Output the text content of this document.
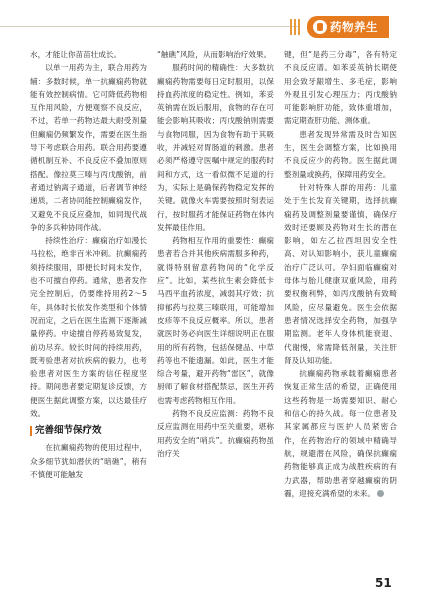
药物养生

水，才能让你苗苗壮成长。

以单一用药为主，联合用药为辅：多数时候，单一抗癫痫药物就能有效控制病情。它可降低药物相互作用风险，方便观察不良反应，不过，若单一药物达最大耐受剂量但癫痫仍频繁发作，需要在医生指导下考虑联合用药。联合用药要遵循机制互补、不良反应不叠加原则搭配。像拉莫三嗪与丙戊酸钠，前者通过钠离子通道，后者调节神经递质，二者协同能控制癫痫发作，又避免不良反应叠加，如同现代战争的多兵种协同作战。

持续性治疗：癫痫治疗如漫长马拉松，绝非百米冲刺。抗癫痫药须持续服用，即便长时间未发作，也不可擅自停药。通常，患者发作完全控制后，仍要维持用药2～5年，具体时长依发作类型和个体情况而定，之后在医生监测下逐渐减量停药。中途擅自停药易致复发，前功尽弃。较长时间的持续用药，既考验患者对抗疾病的毅力，也考验患者对医生方案的信任程度坚持。期间患者要定期复诊反馈，方便医生据此调整方案，以达最佳疗效。

完善细节保疗效

在抗癫痫药物的使用过程中，众多细节犹如潜伏的“暗礁”，稍有不慎便可能触发

“触礁”风险，从而影响治疗效果。

服药时间的精确性：大多数抗癫痫药物需要每日定时服用，以保持血药浓度的稳定性。例如，苯妥英钠需在饭后服用，食物的存在可能会影响其吸收；丙戊酸钠则需要与食物同服，因为食物有助于其吸收，并减轻对胃肠道的刺激。患者必须严格遵守医嘱中规定的服药时间和方式，这一看似微不足道的行为，实际上是确保药物稳定发挥的关键。就像火车需要按照时刻表运行，按时服药才能保证药物在体内发挥最佳作用。

药物相互作用的重要性：癫痫患者若合并其他疾病需服多种药，就得特别留意药物间的“化学反应”。比如，某些抗生素会降低卡马西平血药浓度，减弱其疗效；抗抑郁药与拉莫三嗪联用，可能增加皮疹等不良反应概率。所以，患者就医时务必向医生详细说明正在服用的所有药物，包括保健品、中草药等也不能遗漏。如此，医生才能综合考量，避开药物“雷区”，就像厨师了解食材搭配禁忌，医生开药也需考虑药物相互作用。

药物不良反应监测：药物不良反应监测在用药中至关重要，堪称用药安全的“哨兵”。抗癫痫药物虽治疗关

键，但“是药三分毒”，各有特定不良反应谱。如苯妥英钠长期使用会致牙龈增生、多毛症，影响外观且引发心理压力；丙戊酸钠可能影响肝功能，致体重增加，需定期查肝功能、测体重。

患者发现异常需及时告知医生，医生会调整方案，比如换用不良反应少的药物。医生据此调整剂量或换药，保障用药安全。

针对特殊人群的用药：儿童处于生长发育关键期，选择抗癫痫药及调整剂量要谨慎，确保疗效时还要顾及药物对生长的潜在影响，如左乙拉西坦因安全性高、对认知影响小，获儿童癫痫治疗广泛认可。孕妇面临癫痫对母体与胎儿健康双重风险，用药要权衡利弊，如丙戊酸钠有致畸风险，应尽量避免。医生会依据患者情况选择安全药物，加强孕期监测。老年人身体机能衰退、代谢慢，常需降低剂量，关注肝肾及认知功能。

抗癫痫药物承载着癫痫患者恢复正常生活的希望，正确使用这些药物是一场需要知识、耐心和信心的持久战。每一位患者及其家属都应与医护人员紧密合作，在药物治疗的领域中精确导航，规避潜在风险，确保抗癫痫药物能够真正成为战胜疾病的有力武器，帮助患者穿越癫痫的阴霾，迎接充满希望的未来。

51
